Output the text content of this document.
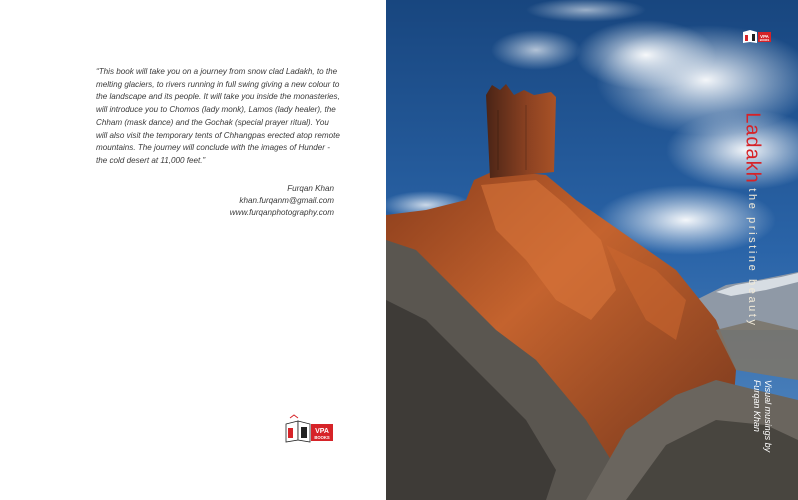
“This book will take you on a journey from snow clad Ladakh, to the melting glaciers, to rivers running in full swing giving a new colour to the landscape and its people. It will take you inside the monasteries, will introduce you to Chomos (lady monk), Lamos (lady healer), the Chham (mask dance) and the Gochak (special prayer ritual). You will also visit the temporary tents of Chhangpas erected atop remote mountains. The journey will conclude with the images of Hunder - the cold desert at 11,000 feet.”

Furqan Khan
khan.furqanm@gmail.com
www.furqanphotography.com
VPA
BOOKS
VPA
BOOKS
Ladakh
the pristine beauty
Visual musings by
Furqan Khan
